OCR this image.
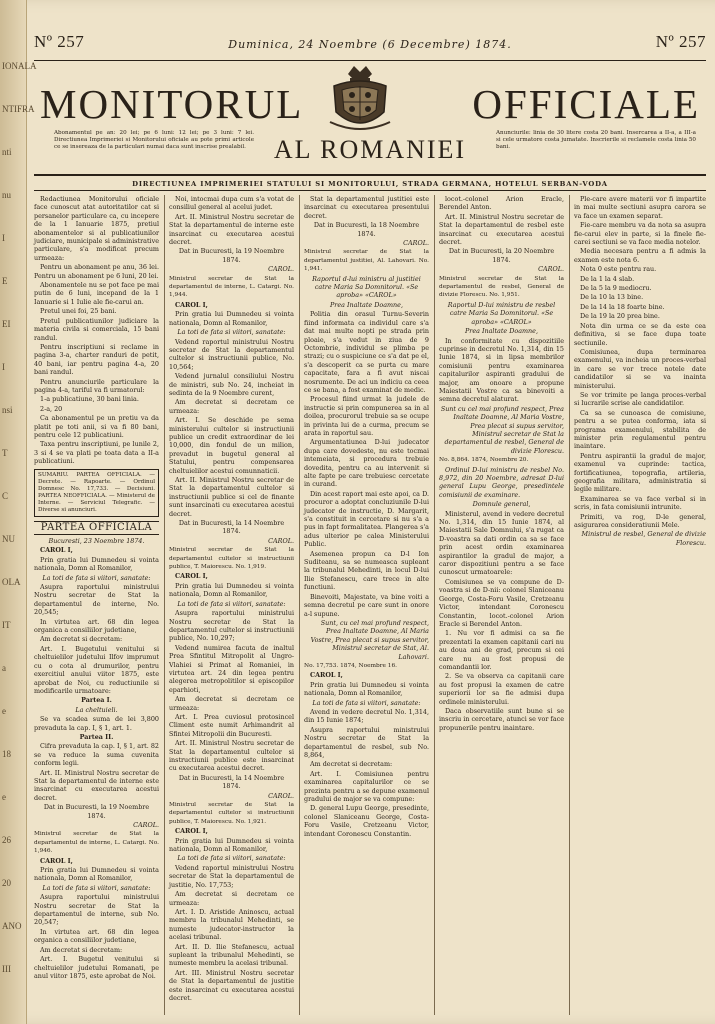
IONALA
NTIFRA
nti
nu
I
E
EI
I
nsi
T
C
NU
OLA
IT
a
e
18
e
26
20
ANO
III
Nº 257	Duminica, 24 Noembre (6 Decembre) 1874.	Nº 257
MONITORUL	OFFICIALE
Abonamentul pe an: 20 lei; pe 6 luni: 12 lei; pe 3 luni: 7 lei. Directiunea Imprimeriei si Monitorului oficiale au pote primi articole ce se insereaza de la particulari numai daca sunt inscrise prealabil.
Anunciurile: linia de 30 litere costa 20 bani. Insercarea a II-a, a III-a si cele urmatore costa jumatate. Inscrierile si reclamele costa linia 50 bani.
AL ROMANIEI
DIRECTIUNEA IMPRIMERIEI STATULUI SI MONITORULUI, STRADA GERMANA, HOTELUL SERBAN-VODA

Redactiunea Monitorului oficiale face cunoscut atat autoritatilor cat si persanelor particulare ca, cu incepere de la 1 Ianuarie 1875, pretiul abonamentelor si al publicatiunilor judiciare, municipale si administrative particulare, s'a modificat precum urmeaza:

Pentru un abonament pe anu, 36 lei. Pentru un abonament pe 6 luni, 20 lei.

Abonamentele nu se pot face pe mai putin de 6 luni, incepand de la 1 Ianuarie si 1 Iulie ale fie-carui an.

Pretul unei foi, 25 bani.

Pretul publicatiunilor judiciare la materia civila si comerciala, 15 bani randul.

Pentru inscriptiuni si reclame in pagina 3-a, charter randuri de petit, 40 bani, iar pentru pagina 4-a, 20 bani randul.

Pentru anunciurile particulare la pagina 4-a, tariful va fi urmatorul:

1-a publicatiune, 30 bani linia.

2-a, 20

Ca abonamentul pe un pretiu va da platit pe toti anii, si va fi 80 bani, pentru cele 12 publicatiuni.

Taxa pentru inscriptiuni, pe lunile 2, 3 si 4 se va plati pe toata data a II-a publicatiuni.

SUMARIU. PARTEA OFFICIALA. — Decrete. — Rapoarte. — Ordinul Domnesc No. 17,733. — Decisiuni. PARTEA NEOFFICIALA. — Ministerul de Interne. — Serviciul Telegrafic. — Diverse si anunciuri.
PARTEA OFFICIALA

Bucuresti, 23 Noembre 1874.

CAROL I,

Prin gratia lui Dumnedeu si vointa nationala, Domn al Romanilor,

La toti de fata si viitori, sanatate:

Asupra raportului ministrului Nostru secretar de Stat la departamentul de interne, No. 20,545;

In virtutea art. 68 din legea organica a consiliilor judetiane,

Am decretat si decretam:

Art. I. Bugetului venitului si cheltuielilor judetului Ilfov imprumut cu o cota al drumurilor, pentru exercitiul anului viitor 1875, este aprobat de Noi, cu reductiunile si modificarile urmatoare:

Partea I.

La cheltuieli.

Se va scadea suma de lei 3,800 prevaduta la cap. I, § 1, art. 1.

Partea II.

Cifra prevaduta la cap. I, § 1, art. 82 se va reduce la suma cuvenita conform legii.

Art. II. Ministrul Nostru secretar de Stat la departamentul de interne este insarcinat cu executarea acestui decret.

Dat in Bucuresti, la 19 Noembre 1874.

CAROL.

Ministrul secretar de Stat la departamentul de interne, L. Catargi. No. 1,946.

CAROL I,

Prin gratia lui Dumnedeu si vointa nationala, Domn al Romanilor,

La toti de fata si viitori, sanatate:

Asupra raportului ministrului Nostru secretar de Stat la departamentul de interne, sub No. 20,547;

In virtutea art. 68 din legea organica a consiliilor judetiane,

Am decretat si decretam:

Art. I. Bugetul venitului si cheltuielilor judetului Romanati, pe anul viitor 1875, este aprobat de Noi.

Noi, intocmai dupa cum s'a votat de consiliul general al acelui judet.

Art. II. Ministrul Nostru secretar de Stat la departamentul de interne este insarcinat cu executarea acestui decret.

Dat in Bucuresti, la 19 Noembre 1874.

CAROL.

Ministrul secretar de Stat la departamentul de interne, L. Catargi. No. 1,944.

CAROL I,

Prin gratia lui Dumnedeu si vointa nationala, Domn al Romanilor,

La toti de fata si viitori, sanatate:

Vedend raportul ministrului Nostru secretar de Stat la departamentul cultelor si instructiunii publice, No. 10,564;

Vedend jurnalul consiliului Nostru de ministri, sub No. 24, incheiat in sedinta de la 9 Noembre curent,

Am decretat si decretam ce urmeaza:

Art. I. Se deschide pe sema ministerului cultelor si instructiunii publice un credit extraordinar de lei 10,000, din fondul de un milion, prevadut in bugetul general al Statului, pentru compensarea cheltuielilor acestui comunnaticii.

Art. II. Ministrul Nostru secretar de Stat la departamentul cultelor si instructiunii publice si cel de finante sunt insarcinati cu executarea acestui decret.

Dat in Bucuresti, la 14 Noembre 1874.

CAROL.

Ministrul secretar de Stat la departamentul cultelor si instructiunii publice, T. Maiorescu. No. 1,919.

CAROL I,

Prin gratia lui Dumnedeu si vointa nationala, Domn al Romanilor,

La toti de fata si viitori, sanatate:

Asupra raportului ministrului Nostru secretar de Stat la departamentul cultelor si instructiunii publice, No. 10,297;

Vedend numirea facuta de inaltul Prea Sfintitul Mitropolit al Ungro-Vlahiei si Primat al Romaniei, in virtutea art. 24 din legea pentru alegerea metropolitilor si episcopilor eparhioti,

Am decretat si decretam ce urmeaza:

Art. I. Prea cuviosul protosincel Climent este numit Arhimandrit al Sfintei Mitropolii din Bucuresti.

Art. II. Ministrul Nostru secretar de Stat la departamentul cultelor si instructiunii publice este insarcinat cu executarea acestui decret.

Dat in Bucuresti, la 14 Noembre 1874.

CAROL.

Ministrul secretar de Stat la departamentul cultelor si instructiunii publice, T. Maiorescu. No. 1,921.

CAROL I,

Prin gratia lui Dumnedeu si vointa nationala, Domn al Romanilor,

La toti de fata si viitori, sanatate:

Vedend raportul ministrului Nostru secretar de Stat la departamentul de justitie, No. 17,753;

Am decretat si decretam ce urmeaza:

Art. I. D. Aristide Aninoscu, actual membru la tribunalul Mehedinti, se numeste judecator-instructor la acelasi tribunal.

Art. II. D. Ilie Stefanescu, actual supleant la tribunalul Mehedinti, se numeste membru la acelasi tribunal.

Art. III. Ministrul Nostru secretar de Stat la departamentul de justitie este insarcinat cu executarea acestui decret.

Stat la departamentul justitiei este insarcinat cu executarea presentului decret.

Dat in Bucuresti, la 18 Noembre 1874.

CAROL.

Ministrul secretar de Stat la departamentul justitiei, Al. Lahovari. No. 1,941.

Raportul d-lui ministru al justitiei catre Maria Sa Domnitorul. «Se aproba» «CAROL»

Prea Inaltate Doamne,

Politia din orasul Turnu-Severin fiind informata ca individul care s'a dat mai multe nopti pe strada prin ploaie, s'a vedut in ziua de 9 Octombrie, individul se plimba pe strazi; cu o suspiciune ce s'a dat pe el, s'a descoperit ca se purta cu mare capacitate, fara a fi avut niscai nosrumente. De aci un indiciu ca ceea ce se bana, a fost examinat de medic.

Procesul fiind urmat la judele de instructie si prin compunerea sa in al doilea, procurorul trebuie sa se ocupe in privinta lui de a curma, precum se arata in raportul sau.

Argumentatiunea D-lui judecator dupa care dovedeste, nu este tocmai intemeiata, si procedura trebuie dovedita, pentru ca au intervenit si alte fapte pe care trebuiesc cercetate in curand.

Din acest raport mai este apoi, ca D. procuror a adoptat concluziunile D-lui judecator de instructie, D. Margarit, s'a constituit in cercetare si nu s'a a pus in fapt formalitatea. Plangerea s'a adus ulterior pe calea Ministerului Public.

Asemenea propun ca D-l Ion Suditeanu, sa se numeasca supleant la tribunalul Mehedinti, in locul D-lui Ilie Stefanescu, care trece in alte functiuni.

Binevoiti, Majestate, va bine voiti a semna decretul pe care sunt in onore a-l supune.

Sunt, cu cel mai profund respect, Prea Inaltate Doamne, Al Maria Vostre, Prea plecat si supus servitor, Ministrul secretar de Stat, Al. Lahovari.

No. 17,753. 1874, Noembre 16.

CAROL I,

Prin gratia lui Dumnedeu si vointa nationala, Domn al Romanilor,

La toti de fata si viitori, sanatate:

Avend in vedere decretul No. 1,314, din 15 Iunie 1874;

Asupra raportului ministrului Nostru secretar de Stat la departamentul de resbel, sub No. 8,864,

Am decretat si decretam:

Art. I. Comisiunea pentru examinarea capitalurilor ce se prezinta pentru a se depune examenul gradului de major se va compune:

D. general Lupu George, presedinte, colonel Slaniceanu George, Costa-Foru Vasile, Cretzeanu Victor, intendant Coronescu Constantin.

locot.-colonel Arion Eracle, Berendel Anton.

Art. II. Ministrul Nostru secretar de Stat la departamentul de resbel este insarcinat cu executarea acestui decret.

Dat in Bucuresti, la 20 Noembre 1874.

CAROL.

Ministrul secretar de Stat la departamentul de resbel, General de divizie Florescu. No. 1,951.

Raportul D-lui ministru de resbel catre Maria Sa Domnitorul. «Se aproba» «CAROL»

Prea Inaltate Doamne,

In conformitate cu dispozitiile cuprinse in decretul No. 1,314, din 15 Iunie 1874, si in lipsa membrilor comisiunii pentru examinarea capitalurilor aspiranti gradului de major, am onoare a propune Maiestatii Vostre ca sa binevoiti a semna decretul alaturat.

Sunt cu cel mai profund respect, Prea Inaltate Doamne, Al Maria Vostre, Prea plecat si supus servitor, Ministrul secretar de Stat la departamentul de resbel, General de divizie Florescu.

No. 8,864. 1874, Noembre 20.

Ordinul D-lui ministru de resbel No. 8,972, din 20 Noembre, adresat D-lui general Lupu George, presedintele comisiunii de examinare.

Domnule general,

Ministerul, avend in vedere decretul No. 1,314, din 15 Iunie 1874, al Maiestatii Sale Domnului, s'a rugat ca D-voastra sa dati ordin ca sa se face prin acest ordin examinarea aspirantilor la gradul de major, a caror dispozitiuni pentru a se face cunoscut urmatoarele:

Comisiunea se va compune de D-voastra si de D-nii: colonel Slaniceanu George, Costa-Foru Vasile, Cretzeanu Victor, intendant Coronescu Constantin, locot.-colonel Arion Eracle si Berendel Anton.

1. Nu vor fi admisi ca sa fie prezentati la examen capitanii cari nu au doua ani de grad, precum si cei care nu au fost propusi de comandantii lor.

2. Se va observa ca capitanii care au fost propusi la examen de catre superiorii lor sa fie admisi dupa ordinele ministerului.

Daca observatiile sunt bune si se inscriu in cercetare, atunci se vor face propunerile pentru inaintare.

Ple-care avere materii vor fi impartite in mai multe sectiuni asupra carora se va face un examen separat.

Fie-care membru va da nota sa asupra fie-carui elev in parte, si la finele fie-carei sectiuni se va face media notelor.

Media necesara pentru a fi admis la examen este nota 6.

Nota 0 este pentru rau.

De la 1 la 4 slab.

De la 5 la 9 mediocru.

De la 10 la 13 bine.

De la 14 la 18 foarte bine.

De la 19 la 20 prea bine.

Nota din urma ce se da este cea definitiva, si se face dupa toate sectiunile.

Comisiunea, dupa terminarea examenului, va incheia un proces-verbal in care se vor trece notele date candidatilor si se va inainta ministerului.

Se vor trimite pe langa proces-verbal si lucrarile scrise ale candidatilor.

Ca sa se cunoasca de comisiune, pentru a se putea conforma, iata si programa examenului, stabilita de minister prin regulamentul pentru inaintare.

Pentru aspirantii la gradul de major, examenul va cuprinde: tactica, fortificatiunea, topografia, artileria, geografia militara, administratia si legile militare.

Examinarea se va face verbal si in scris, in fata comisiunii intrunite.

Primiti, va rog, D-le general, asigurarea consideratiunii Mele.

Ministrul de resbel, General de divizie Florescu.
